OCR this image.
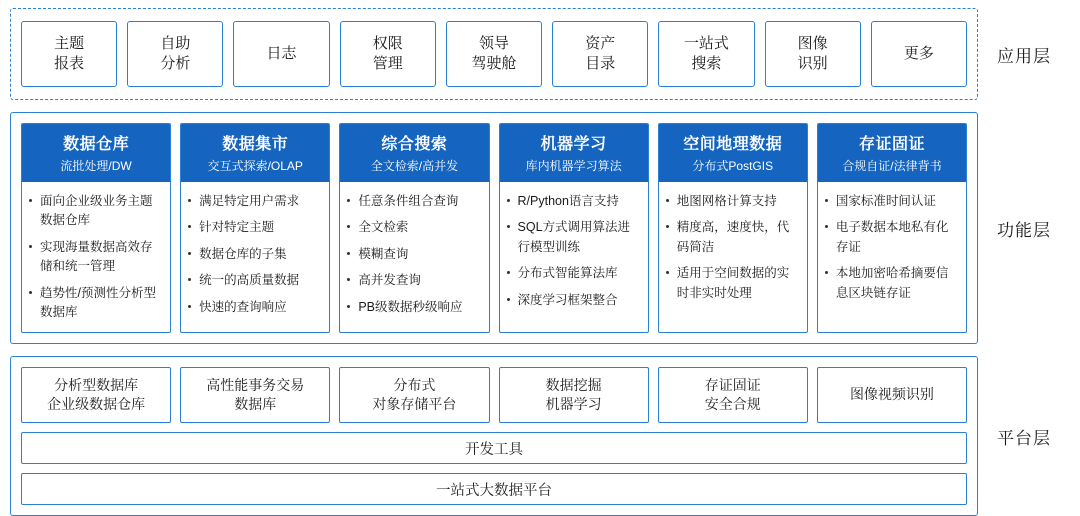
主题
报表
自助
分析
日志
权限
管理
领导
驾驶舱
资产
目录
一站式
搜索
图像
识别
更多	应用层
数据仓库
流批处理/DW
面向企业级业务主题数据仓库
实现海量数据高效存储和统一管理
趋势性/预测性分析型数据库
数据集市
交互式探索/OLAP
满足特定用户需求
针对特定主题
数据仓库的子集
统一的高质量数据
快速的查询响应
综合搜索
全文检索/高并发
任意条件组合查询
全文检索
模糊查询
高并发查询
PB级数据秒级响应
机器学习
库内机器学习算法
R/Python语言支持
SQL方式调用算法进行模型训练
分布式智能算法库
深度学习框架整合
空间地理数据
分布式PostGIS
地图网格计算支持
精度高，速度快，代码简洁
适用于空间数据的实时非实时处理
存证固证
合规自证/法律背书
国家标准时间认证
电子数据本地私有化存证
本地加密哈希摘要信息区块链存证
功能层
分析型数据库
企业级数据仓库
高性能事务交易
数据库
分布式
对象存储平台
数据挖掘
机器学习
存证固证
安全合规
图像视频识别
开发工具
一站式大数据平台
平台层
